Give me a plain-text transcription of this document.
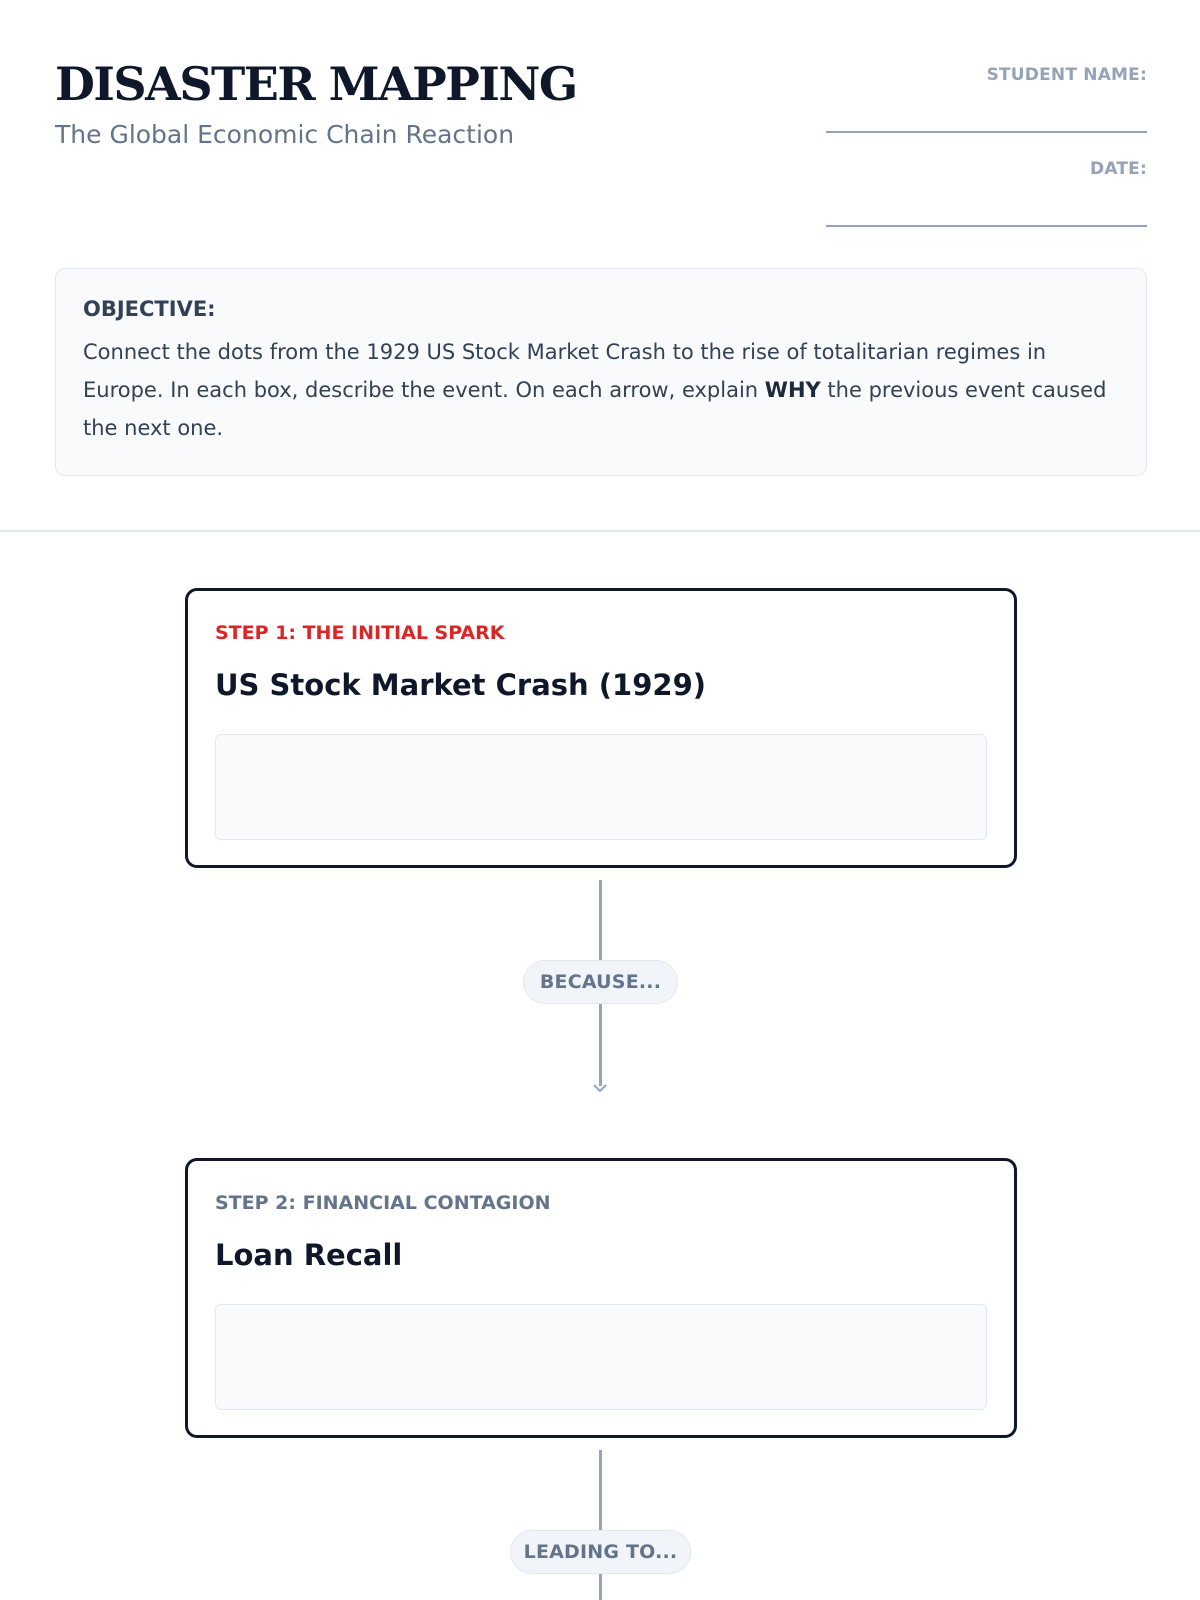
DISASTER MAPPING
The Global Economic Chain Reaction
STUDENT NAME:
DATE:
OBJECTIVE:

Connect the dots from the 1929 US Stock Market Crash to the rise of totalitarian regimes in Europe. In each box, describe the event. On each arrow, explain WHY the previous event caused the next one.

STEP 1: THE INITIAL SPARK
US Stock Market Crash (1929)
BECAUSE...
STEP 2: FINANCIAL CONTAGION
Loan Recall
LEADING TO...
